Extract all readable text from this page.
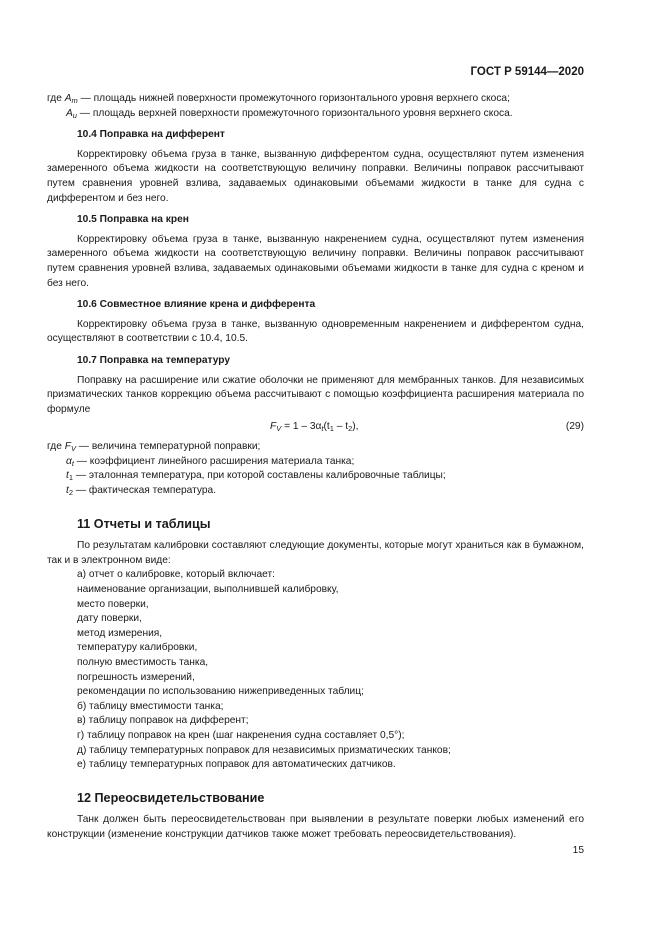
ГОСТ Р 59144—2020

где $A_m$ — площадь нижней поверхности промежуточного горизонтального уровня верхнего скоса;

$A_u$ — площадь верхней поверхности промежуточного горизонтального уровня верхнего скоса.

10.4 Поправка на дифферент

Корректировку объема груза в танке, вызванную дифферентом судна, осуществляют путем изменения замеренного объема жидкости на соответствующую величину поправки. Величины поправок рассчитывают путем сравнения уровней взлива, задаваемых одинаковыми объемами жидкости в танке для судна с дифферентом и без него.

10.5 Поправка на крен

Корректировку объема груза в танке, вызванную накренением судна, осуществляют путем изменения замеренного объема жидкости на соответствующую величину поправки. Величины поправок рассчитывают путем сравнения уровней взлива, задаваемых одинаковыми объемами жидкости в танке для судна с креном и без него.

10.6 Совместное влияние крена и дифферента

Корректировку объема груза в танке, вызванную одновременным накренением и дифферентом судна, осуществляют в соответствии с 10.4, 10.5.

10.7 Поправка на температуру

Поправку на расширение или сжатие оболочки не применяют для мембранных танков. Для независимых призматических танков коррекцию объема рассчитывают с помощью коэффициента расширения материала по формуле

$F_V = 1 - 3\alpha_t(t_1 - t_2)$,	(29)

где $F_V$ — величина температурной поправки;

$\alpha_t$ — коэффициент линейного расширения материала танка;

$t_1$ — эталонная температура, при которой составлены калибровочные таблицы;

$t_2$ — фактическая температура.

11 Отчеты и таблицы

По результатам калибровки составляют следующие документы, которые могут храниться как в бумажном, так и в электронном виде:

а) отчет о калибровке, который включает:

наименование организации, выполнившей калибровку,

место поверки,

дату поверки,

метод измерения,

температуру калибровки,

полную вместимость танка,

погрешность измерений,

рекомендации по использованию нижеприведенных таблиц;

б) таблицу вместимости танка;

в) таблицу поправок на дифферент;

г) таблицу поправок на крен (шаг накренения судна составляет 0,5°);

д) таблицу температурных поправок для независимых призматических танков;

е) таблицу температурных поправок для автоматических датчиков.

12 Переосвидетельствование

Танк должен быть переосвидетельствован при выявлении в результате поверки любых изменений его конструкции (изменение конструкции датчиков также может требовать переосвидетельствования).

15
